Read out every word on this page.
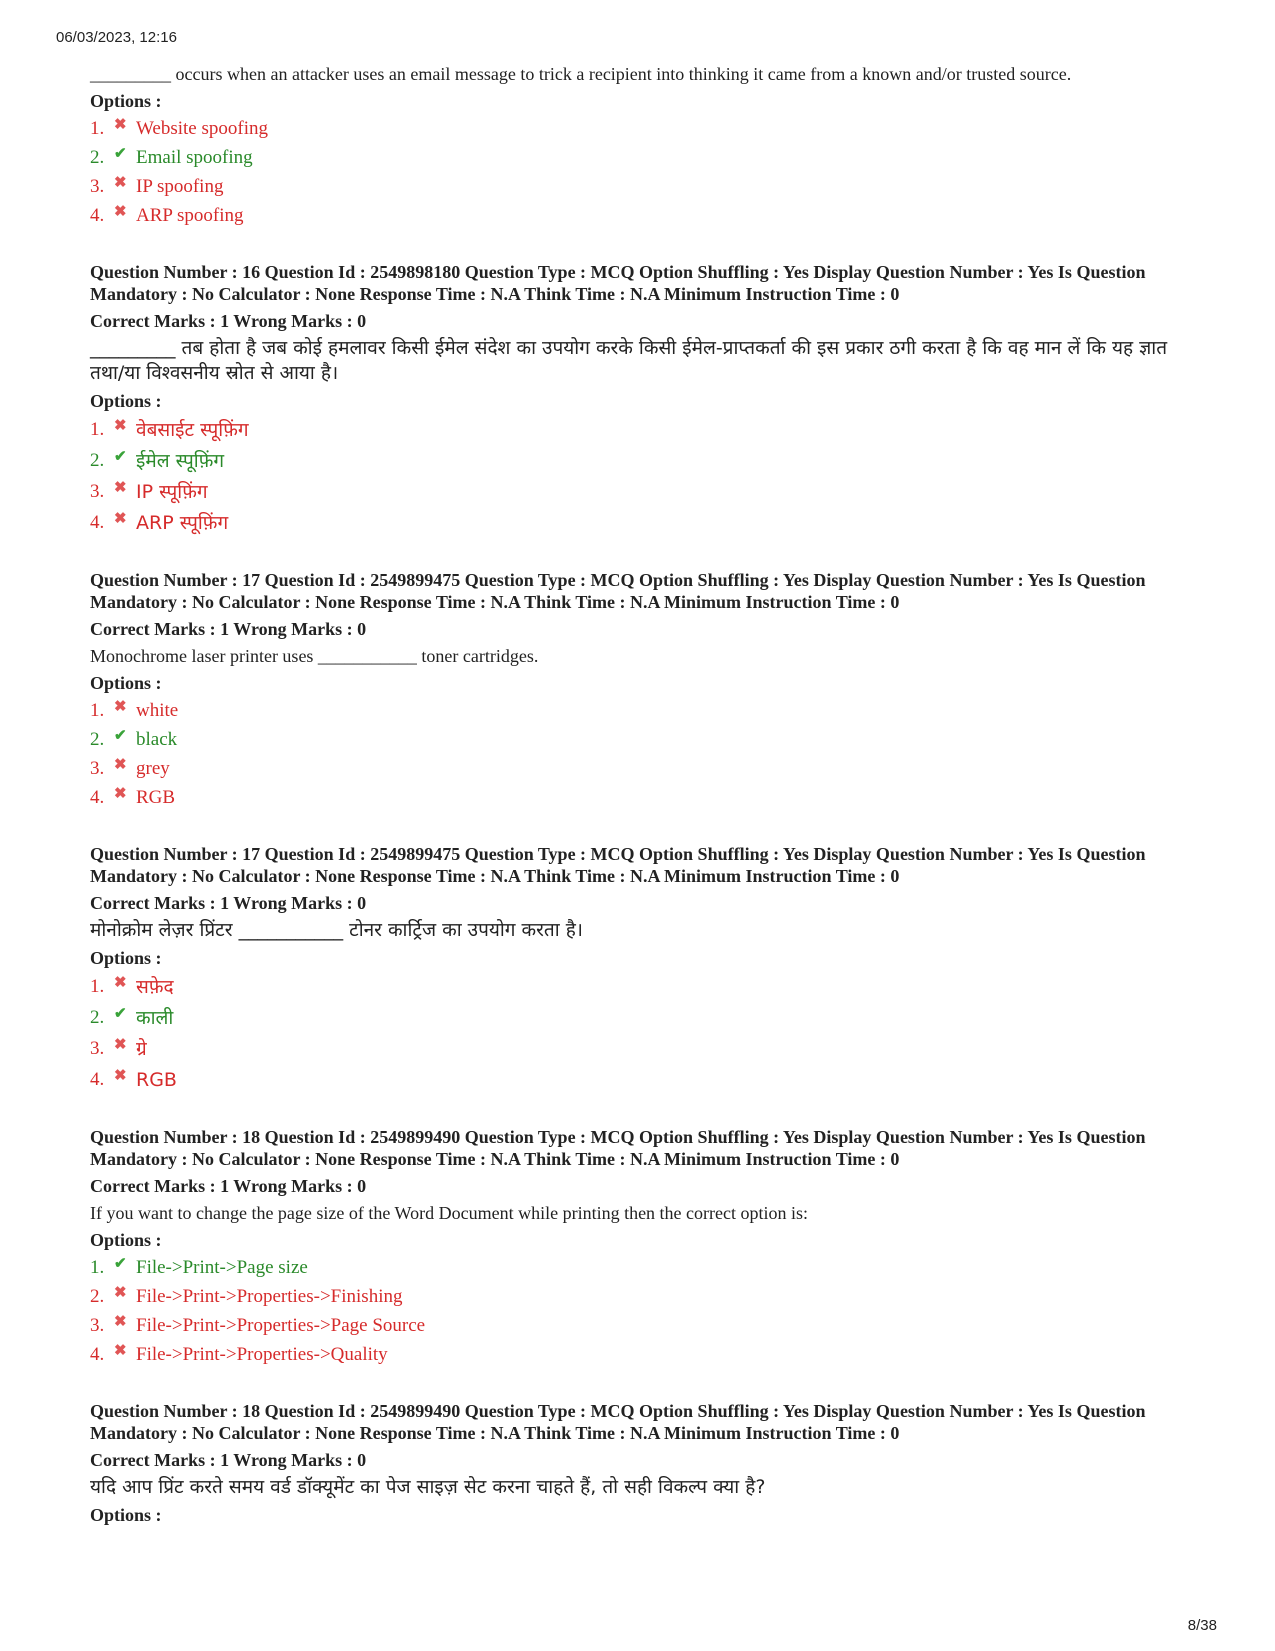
06/03/2023, 12:16
_________ occurs when an attacker uses an email message to trick a recipient into thinking it came from a known and/or trusted source.
Options :
1. ✖ Website spoofing
2. ✔ Email spoofing
3. ✖ IP spoofing
4. ✖ ARP spoofing
Question Number : 16 Question Id : 2549898180 Question Type : MCQ Option Shuffling : Yes Display Question Number : Yes Is Question Mandatory : No Calculator : None Response Time : N.A Think Time : N.A Minimum Instruction Time : 0
Correct Marks : 1 Wrong Marks : 0
_________ तब होता है जब कोई हमलावर किसी ईमेल संदेश का उपयोग करके किसी ईमेल-प्राप्तकर्ता की इस प्रकार ठगी करता है कि वह मान लें कि यह ज्ञात तथा/या विश्वसनीय स्रोत से आया है।
Options :
1. ✖ वेबसाईट स्पूफ़िंग
2. ✔ ईमेल स्पूफ़िंग
3. ✖ IP स्पूफ़िंग
4. ✖ ARP स्पूफ़िंग
Question Number : 17 Question Id : 2549899475 Question Type : MCQ Option Shuffling : Yes Display Question Number : Yes Is Question Mandatory : No Calculator : None Response Time : N.A Think Time : N.A Minimum Instruction Time : 0
Correct Marks : 1 Wrong Marks : 0
Monochrome laser printer uses ___________ toner cartridges.
Options :
1. ✖ white
2. ✔ black
3. ✖ grey
4. ✖ RGB
Question Number : 17 Question Id : 2549899475 Question Type : MCQ Option Shuffling : Yes Display Question Number : Yes Is Question Mandatory : No Calculator : None Response Time : N.A Think Time : N.A Minimum Instruction Time : 0
Correct Marks : 1 Wrong Marks : 0
मोनोक्रोम लेज़र प्रिंटर ___________ टोनर कार्ट्रिज का उपयोग करता है।
Options :
1. ✖ सफ़ेद
2. ✔ काली
3. ✖ ग्रे
4. ✖ RGB
Question Number : 18 Question Id : 2549899490 Question Type : MCQ Option Shuffling : Yes Display Question Number : Yes Is Question Mandatory : No Calculator : None Response Time : N.A Think Time : N.A Minimum Instruction Time : 0
Correct Marks : 1 Wrong Marks : 0
If you want to change the page size of the Word Document while printing then the correct option is:
Options :
1. ✔ File->Print->Page size
2. ✖ File->Print->Properties->Finishing
3. ✖ File->Print->Properties->Page Source
4. ✖ File->Print->Properties->Quality
Question Number : 18 Question Id : 2549899490 Question Type : MCQ Option Shuffling : Yes Display Question Number : Yes Is Question Mandatory : No Calculator : None Response Time : N.A Think Time : N.A Minimum Instruction Time : 0
Correct Marks : 1 Wrong Marks : 0
यदि आप प्रिंट करते समय वर्ड डॉक्यूमेंट का पेज साइज़ सेट करना चाहते हैं, तो सही विकल्प क्या है?
Options :
8/38
